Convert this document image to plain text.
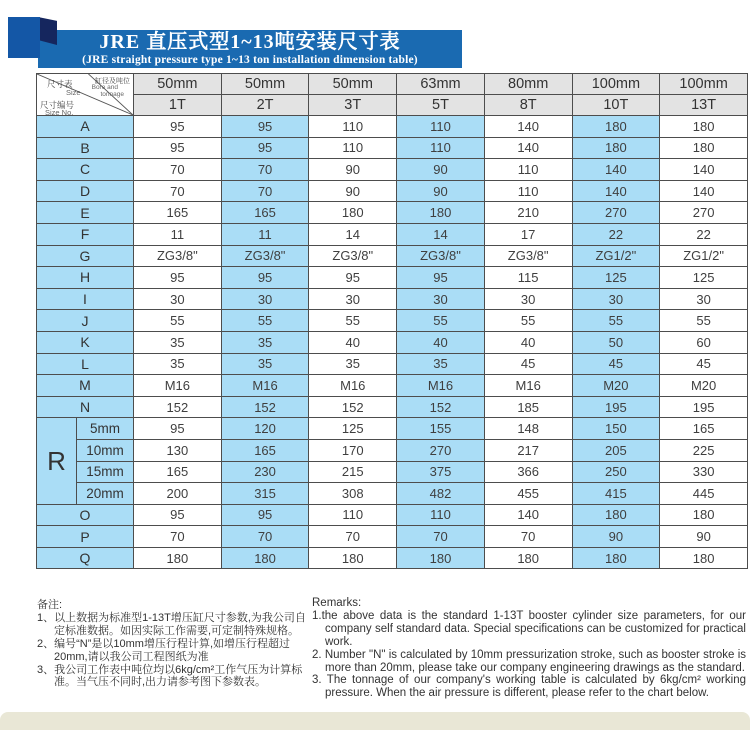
JRE 直压式型1~13吨安装尺寸表
(JRE straight pressure type 1~13 ton installation dimension table)
尺寸表
Size
缸径及吨位
Bore and
tonnage
尺寸编号
Size No.
	50mm	50mm	50mm	63mm	80mm	100mm	100mm
		1T	2T	3T	5T	8T	10T	13T
A		95	95	110	110	140	180	180
B		95	95	110	110	140	180	180
C		70	70	90	90	110	140	140
D		70	70	90	90	110	140	140
E		165	165	180	180	210	270	270
F		11	11	14	14	17	22	22
G		ZG3/8"	ZG3/8"	ZG3/8"	ZG3/8"	ZG3/8"	ZG1/2"	ZG1/2"
H		95	95	95	95	115	125	125
I		30	30	30	30	30	30	30
J		55	55	55	55	55	55	55
K		35	35	40	40	40	50	60
L		35	35	35	35	45	45	45
M		M16	M16	M16	M16	M16	M20	M20
N		152	152	152	152	185	195	195
R	5mm	95	120	125	155	148	150	165
	10mm	130	165	170	270	217	205	225
	15mm	165	230	215	375	366	250	330
	20mm	200	315	308	482	455	415	445
O		95	95	110	110	140	180	180
P		70	70	70	70	70	90	90
Q		180	180	180	180	180	180	180

备注:

1、以上数据为标准型1-13T增压缸尺寸参数,为我公司自定标准数据。如因实际工作需要,可定制特殊规格。

2、编号“N”是以10mm增压行程计算,如增压行程超过20mm,请以我公司工程图纸为准

3、我公司工作表中吨位均以6kg/cm²工作气压为计算标准。当气压不同时,出力请参考图下参数表。

Remarks:

1.the above data is the standard 1-13T booster cylinder size parameters, for our company self standard data. Special specifications can be customized for practical work.

2. Number "N" is calculated by 10mm pressurization stroke, such as booster stroke is more than 20mm, please take our company engineering drawings as the standard.

3. The tonnage of our company's working table is calculated by 6kg/cm² working pressure. When the air pressure is different, please refer to the chart below.
